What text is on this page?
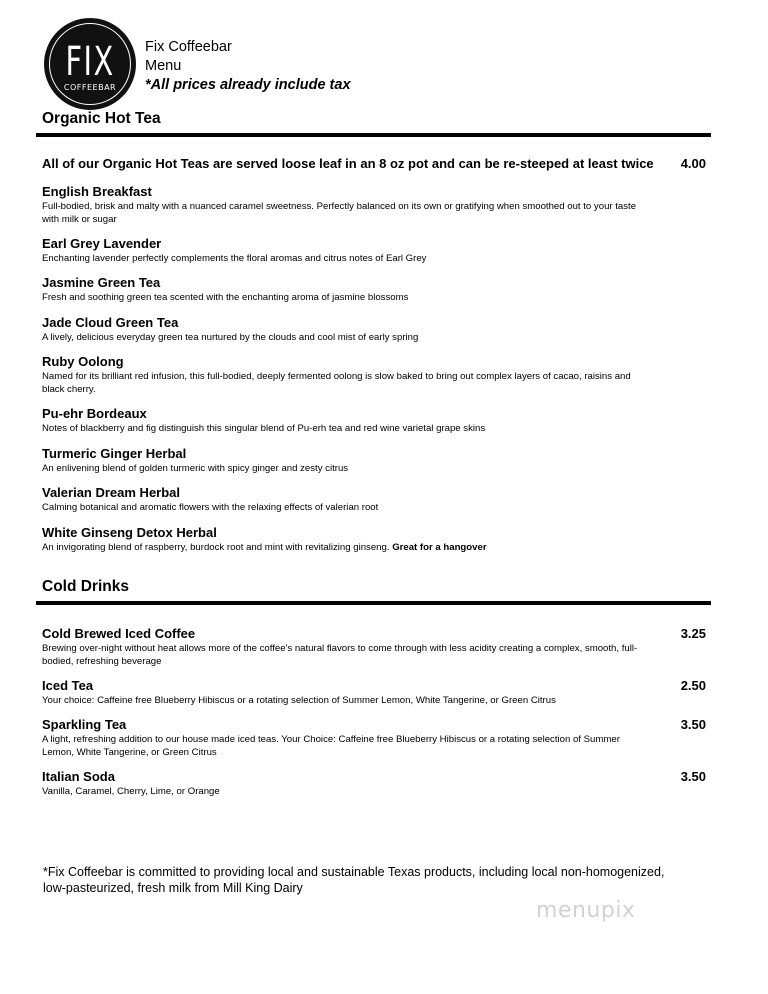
FIX
COFFEEBAR
Fix Coffeebar
Menu
*All prices already include tax
Organic Hot Tea
All of our Organic Hot Teas are served loose leaf in an 8 oz pot and can be re-steeped at least twice 4.00
English Breakfast
Full-bodied, brisk and malty with a nuanced caramel sweetness. Perfectly balanced on its own or gratifying when smoothed out to your taste with milk or sugar
Earl Grey Lavender
Enchanting lavender perfectly complements the floral aromas and citrus notes of Earl Grey
Jasmine Green Tea
Fresh and soothing green tea scented with the enchanting aroma of jasmine blossoms
Jade Cloud Green Tea
A lively, delicious everyday green tea nurtured by the clouds and cool mist of early spring
Ruby Oolong
Named for its brilliant red infusion, this full-bodied, deeply fermented oolong is slow baked to bring out complex layers of cacao, raisins and black cherry.
Pu-ehr Bordeaux
Notes of blackberry and fig distinguish this singular blend of Pu-erh tea and red wine varietal grape skins
Turmeric Ginger Herbal
An enlivening blend of golden turmeric with spicy ginger and zesty citrus
Valerian Dream Herbal
Calming botanical and aromatic flowers with the relaxing effects of valerian root
White Ginseng Detox Herbal
An invigorating blend of raspberry, burdock root and mint with revitalizing ginseng. Great for a hangover
Cold Drinks
Cold Brewed Iced Coffee	3.25
Brewing over-night without heat allows more of the coffee's natural flavors to come through with less acidity creating a complex, smooth, full-bodied, refreshing beverage
Iced Tea	2.50
Your choice: Caffeine free Blueberry Hibiscus or a rotating selection of Summer Lemon, White Tangerine, or Green Citrus
Sparkling Tea	3.50
A light, refreshing addition to our house made iced teas. Your Choice: Caffeine free Blueberry Hibiscus or a rotating selection of Summer Lemon, White Tangerine, or Green Citrus
Italian Soda	3.50
Vanilla, Caramel, Cherry, Lime, or Orange
*Fix Coffeebar is committed to providing local and sustainable Texas products, including local non-homogenized, low-pasteurized, fresh milk from Mill King Dairy
menupix
